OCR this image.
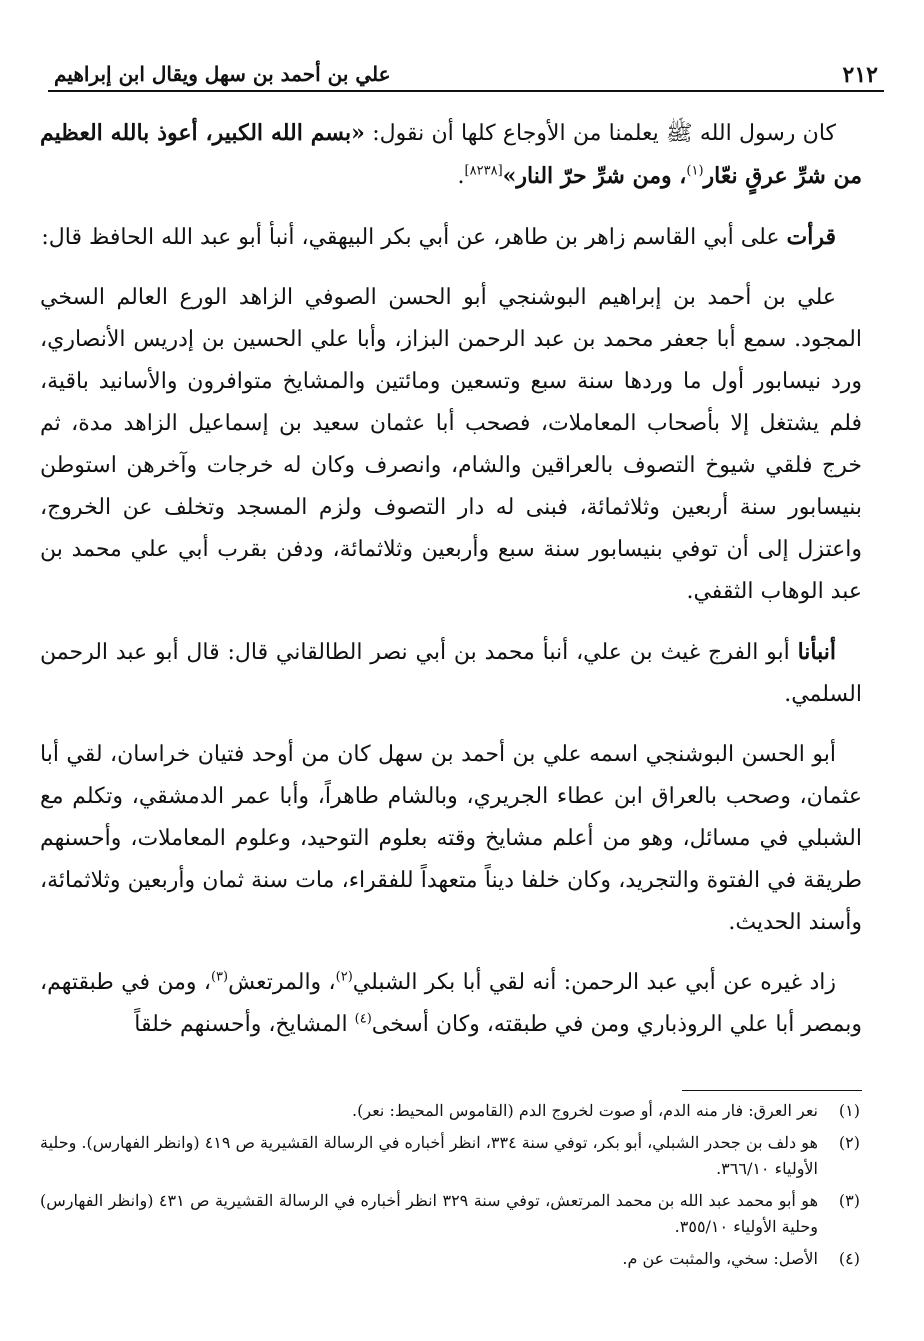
٢١٢
علي بن أحمد بن سهل ويقال ابن إبراهيم

كان رسول الله ﷺ يعلمنا من الأوجاع كلها أن نقول: «بسم الله الكبير، أعوذ بالله العظيم من شرِّ عرقٍ نعّار$^{(١)}$، ومن شرِّ حرّ النار»[٨٢٣٨].

قرأت على أبي القاسم زاهر بن طاهر، عن أبي بكر البيهقي، أنبأ أبو عبد الله الحافظ قال:

علي بن أحمد بن إبراهيم البوشنجي أبو الحسن الصوفي الزاهد الورع العالم السخي المجود. سمع أبا جعفر محمد بن عبد الرحمن البزاز، وأبا علي الحسين بن إدريس الأنصاري، ورد نيسابور أول ما وردها سنة سبع وتسعين ومائتين والمشايخ متوافرون والأسانيد باقية، فلم يشتغل إلا بأصحاب المعاملات، فصحب أبا عثمان سعيد بن إسماعيل الزاهد مدة، ثم خرج فلقي شيوخ التصوف بالعراقين والشام، وانصرف وكان له خرجات وآخرهن استوطن بنيسابور سنة أربعين وثلاثمائة، فبنى له دار التصوف ولزم المسجد وتخلف عن الخروج، واعتزل إلى أن توفي بنيسابور سنة سبع وأربعين وثلاثمائة، ودفن بقرب أبي علي محمد بن عبد الوهاب الثقفي.

أنبأنا أبو الفرج غيث بن علي، أنبأ محمد بن أبي نصر الطالقاني قال: قال أبو عبد الرحمن السلمي.

أبو الحسن البوشنجي اسمه علي بن أحمد بن سهل كان من أوحد فتيان خراسان، لقي أبا عثمان، وصحب بالعراق ابن عطاء الجريري، وبالشام طاهراً، وأبا عمر الدمشقي، وتكلم مع الشبلي في مسائل، وهو من أعلم مشايخ وقته بعلوم التوحيد، وعلوم المعاملات، وأحسنهم طريقة في الفتوة والتجريد، وكان خلفا ديناً متعهداً للفقراء، مات سنة ثمان وأربعين وثلاثمائة، وأسند الحديث.

زاد غيره عن أبي عبد الرحمن: أنه لقي أبا بكر الشبلي$^{(٢)}$، والمرتعش$^{(٣)}$، ومن في طبقتهم، وبمصر أبا علي الروذباري ومن في طبقته، وكان أسخى$^{(٤)}$ المشايخ، وأحسنهم خلقاً

(١)
نعر العرق: فار منه الدم، أو صوت لخروج الدم (القاموس المحيط: نعر).
(٢)
هو دلف بن جحدر الشبلي، أبو بكر، توفي سنة ٣٣٤، انظر أخباره في الرسالة القشيرية ص ٤١٩ (وانظر الفهارس). وحلية الأولياء ٣٦٦/١٠.
(٣)
هو أبو محمد عبد الله بن محمد المرتعش، توفي سنة ٣٢٩ انظر أخباره في الرسالة القشيرية ص ٤٣١ (وانظر الفهارس) وحلية الأولياء ٣٥٥/١٠.
(٤)
الأصل: سخي، والمثبت عن م.
